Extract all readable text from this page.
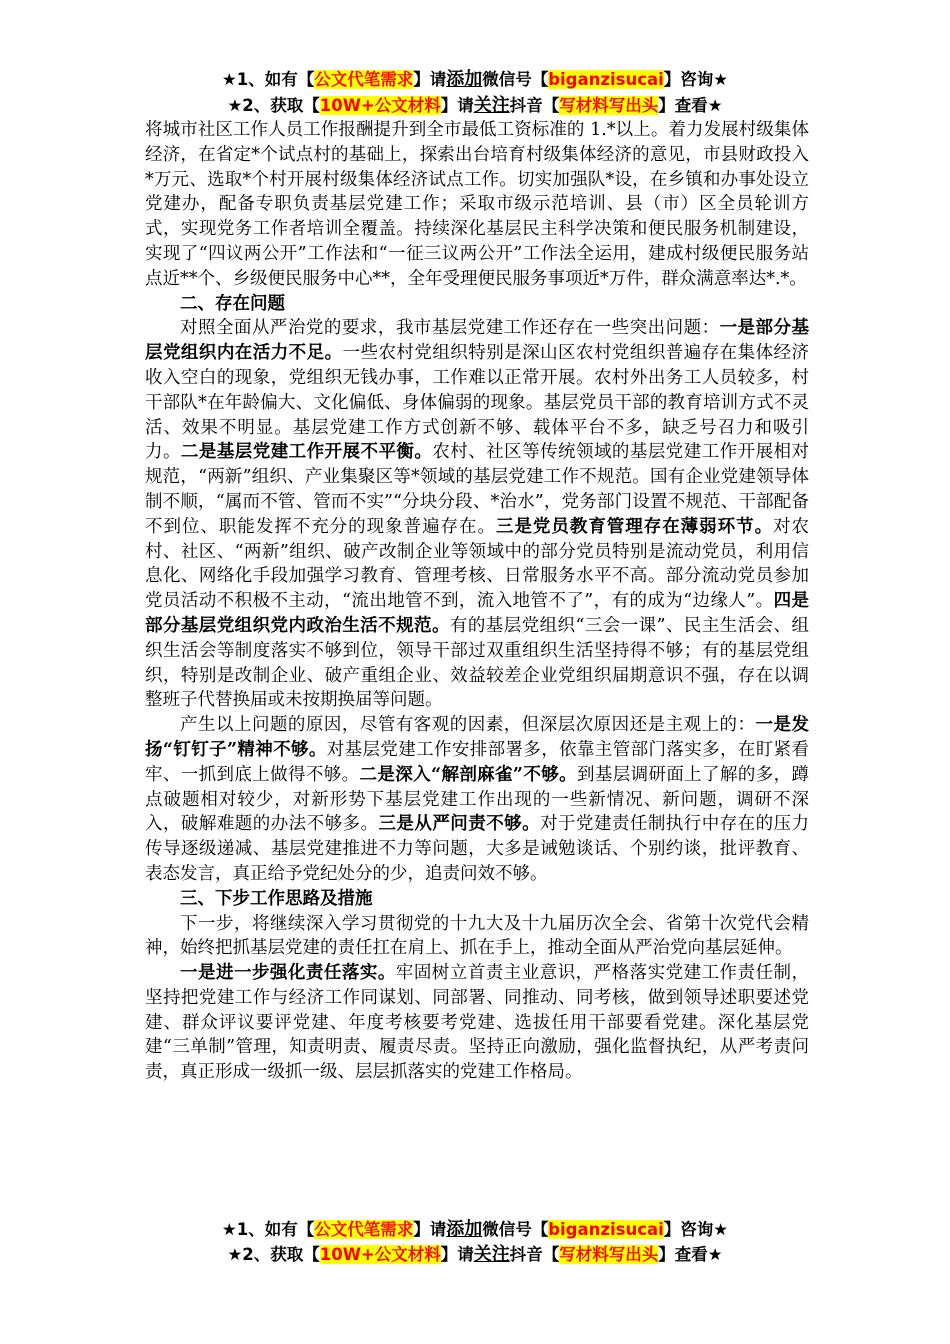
★1、如有【公文代笔需求】请添加微信号【biganzisucai】咨询★
★2、获取【10W+公文材料】请关注抖音【写材料写出头】查看★

将城市社区工作人员工作报酬提升到全市最低工资标准的 1.*以上。着力发展村级集体经济，在省定*个试点村的基础上，探索出台培育村级集体经济的意见，市县财政投入*万元、选取*个村开展村级集体经济试点工作。切实加强队*设，在乡镇和办事处设立党建办，配备专职负责基层党建工作；采取市级示范培训、县（市）区全员轮训方式，实现党务工作者培训全覆盖。持续深化基层民主科学决策和便民服务机制建设，实现了“四议两公开”工作法和“一征三议两公开”工作法全运用，建成村级便民服务站点近**个、乡级便民服务中心**，全年受理便民服务事项近*万件，群众满意率达*.*。

二、存在问题

对照全面从严治党的要求，我市基层党建工作还存在一些突出问题：一是部分基层党组织内在活力不足。一些农村党组织特别是深山区农村党组织普遍存在集体经济收入空白的现象，党组织无钱办事，工作难以正常开展。农村外出务工人员较多，村干部队*在年龄偏大、文化偏低、身体偏弱的现象。基层党员干部的教育培训方式不灵活、效果不明显。基层党建工作方式创新不够、载体平台不多，缺乏号召力和吸引力。二是基层党建工作开展不平衡。农村、社区等传统领域的基层党建工作开展相对规范，“两新”组织、产业集聚区等*领域的基层党建工作不规范。国有企业党建领导体制不顺，“属而不管、管而不实”“分块分段、*治水”，党务部门设置不规范、干部配备不到位、职能发挥不充分的现象普遍存在。三是党员教育管理存在薄弱环节。对农村、社区、“两新”组织、破产改制企业等领域中的部分党员特别是流动党员，利用信息化、网络化手段加强学习教育、管理考核、日常服务水平不高。部分流动党员参加党员活动不积极不主动，“流出地管不到，流入地管不了”，有的成为“边缘人”。四是部分基层党组织党内政治生活不规范。有的基层党组织“三会一课”、民主生活会、组织生活会等制度落实不够到位，领导干部过双重组织生活坚持得不够；有的基层党组织，特别是改制企业、破产重组企业、效益较差企业党组织届期意识不强，存在以调整班子代替换届或未按期换届等问题。

产生以上问题的原因，尽管有客观的因素，但深层次原因还是主观上的：一是发扬“钉钉子”精神不够。对基层党建工作安排部署多，依靠主管部门落实多，在盯紧看牢、一抓到底上做得不够。二是深入“解剖麻雀”不够。到基层调研面上了解的多，蹲点破题相对较少，对新形势下基层党建工作出现的一些新情况、新问题，调研不深入，破解难题的办法不够多。三是从严问责不够。对于党建责任制执行中存在的压力传导逐级递减、基层党建推进不力等问题，大多是诫勉谈话、个别约谈，批评教育、表态发言，真正给予党纪处分的少，追责问效不够。

三、下步工作思路及措施

下一步，将继续深入学习贯彻党的十九大及十九届历次全会、省第十次党代会精神，始终把抓基层党建的责任扛在肩上、抓在手上，推动全面从严治党向基层延伸。

一是进一步强化责任落实。牢固树立首责主业意识，严格落实党建工作责任制，坚持把党建工作与经济工作同谋划、同部署、同推动、同考核，做到领导述职要述党建、群众评议要评党建、年度考核要考党建、选拔任用干部要看党建。深化基层党建“三单制”管理，知责明责、履责尽责。坚持正向激励，强化监督执纪，从严考责问责，真正形成一级抓一级、层层抓落实的党建工作格局。

★1、如有【公文代笔需求】请添加微信号【biganzisucai】咨询★
★2、获取【10W+公文材料】请关注抖音【写材料写出头】查看★
